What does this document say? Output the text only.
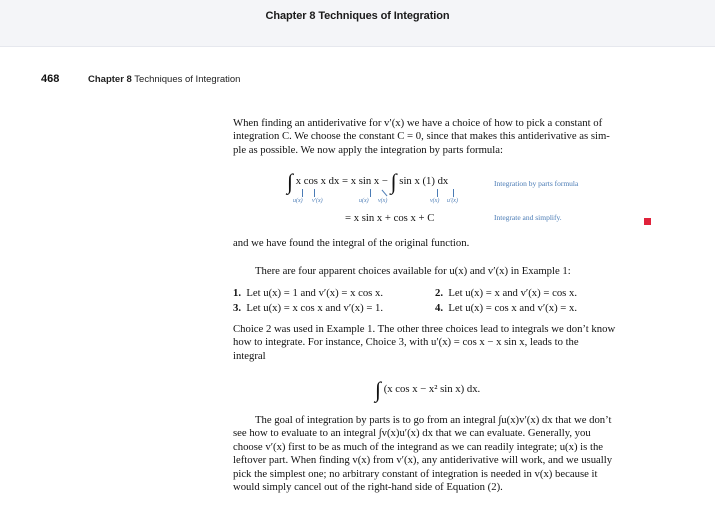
Chapter 8 Techniques of Integration
468	Chapter 8 Techniques of Integration
When finding an antiderivative for v′(x) we have a choice of how to pick a constant of
integration C. We choose the constant C = 0, since that makes this antiderivative as sim-
ple as possible. We now apply the integration by parts formula:
∫ x cos x dx = x sin x − ∫ sin x (1) dx
u(x) v′(x)	u(x) v(x)	v(x) u′(x)
Integration by parts formula
= x sin x + cos x + C	Integrate and simplify.
and we have found the integral of the original function.
There are four apparent choices available for u(x) and v′(x) in Example 1:
1. Let u(x) = 1 and v′(x) = x cos x.	2. Let u(x) = x and v′(x) = cos x.
3. Let u(x) = x cos x and v′(x) = 1.	4. Let u(x) = cos x and v′(x) = x.
Choice 2 was used in Example 1. The other three choices lead to integrals we don’t know
how to integrate. For instance, Choice 3, with u′(x) = cos x − x sin x, leads to the
integral
∫ (x cos x − x² sin x) dx.
The goal of integration by parts is to go from an integral ∫u(x)v′(x) dx that we don’t
see how to evaluate to an integral ∫v(x)u′(x) dx that we can evaluate. Generally, you
choose v′(x) first to be as much of the integrand as we can readily integrate; u(x) is the
leftover part. When finding v(x) from v′(x), any antiderivative will work, and we usually
pick the simplest one; no arbitrary constant of integration is needed in v(x) because it
would simply cancel out of the right-hand side of Equation (2).
